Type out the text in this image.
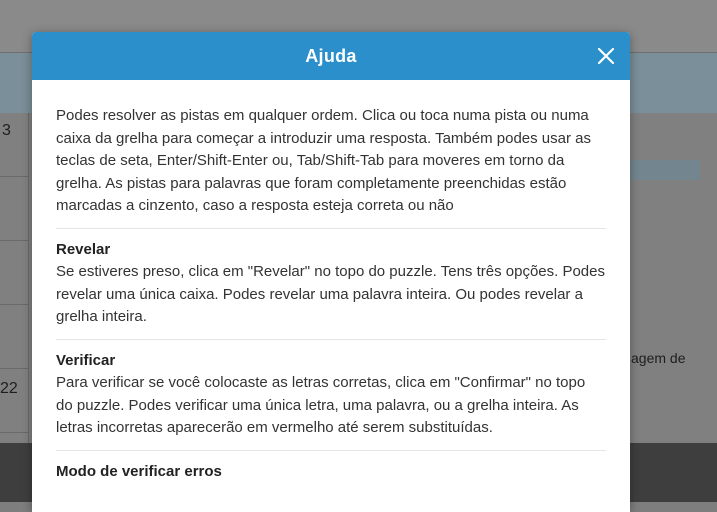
3
22
agem de
Ajuda
Podes resolver as pistas em qualquer ordem. Clica ou toca numa pista ou numa caixa da grelha para começar a introduzir uma resposta. Também podes usar as teclas de seta, Enter/Shift-Enter ou, Tab/Shift-Tab para moveres em torno da grelha. As pistas para palavras que foram completamente preenchidas estão marcadas a cinzento, caso a resposta esteja correta ou não
Revelar
Se estiveres preso, clica em "Revelar" no topo do puzzle. Tens três opções. Podes revelar uma única caixa. Podes revelar uma palavra inteira. Ou podes revelar a grelha inteira.
Verificar
Para verificar se você colocaste as letras corretas, clica em "Confirmar" no topo do puzzle. Podes verificar uma única letra, uma palavra, ou a grelha inteira. As letras incorretas aparecerão em vermelho até serem substituídas.
Modo de verificar erros
